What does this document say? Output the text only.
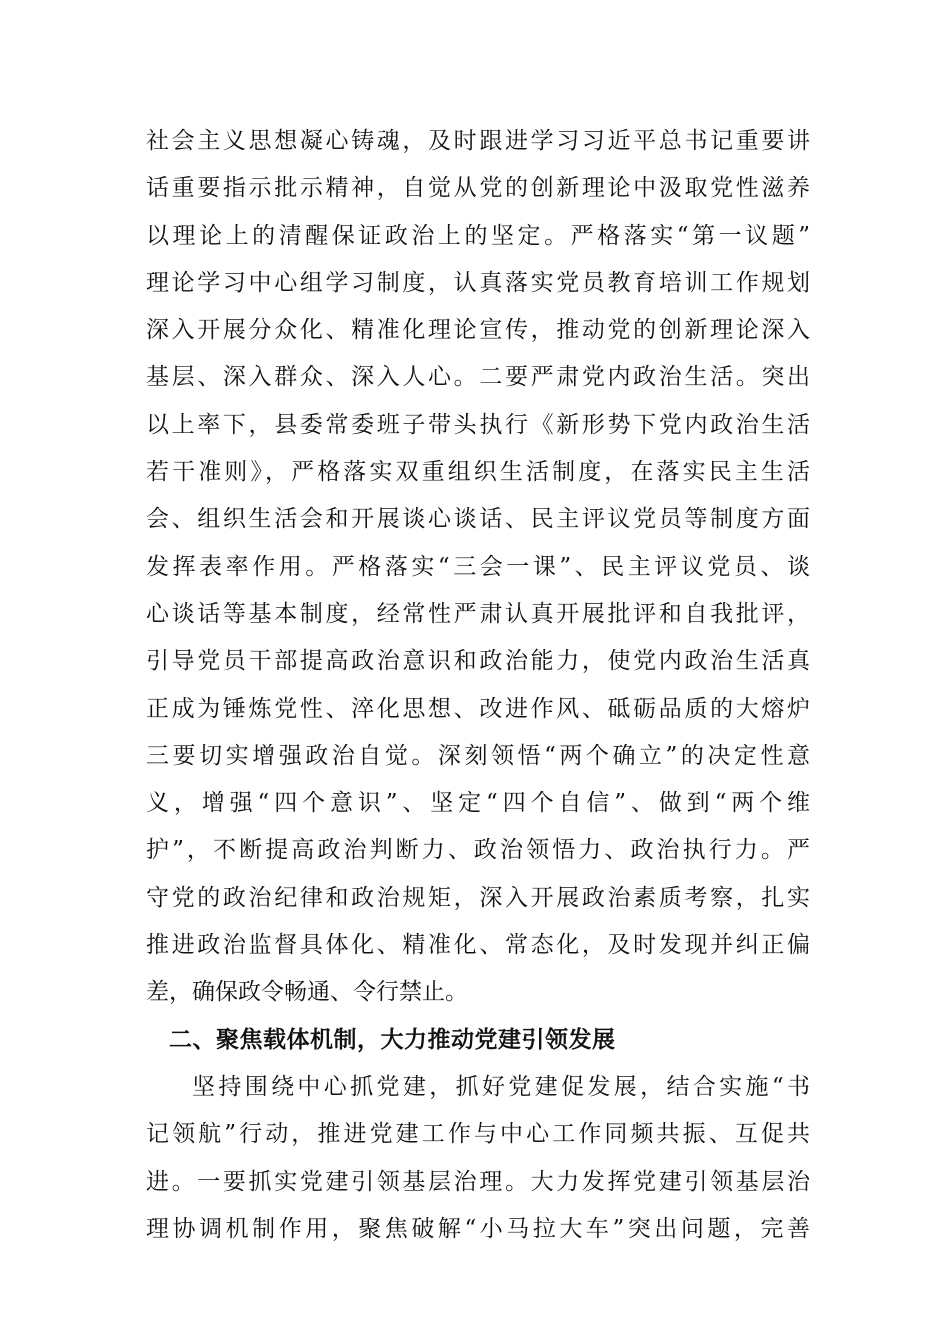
社会主义思想凝心铸魂，及时跟进学习习近平总书记重要讲
话重要指示批示精神，自觉从党的创新理论中汲取党性滋养
以理论上的清醒保证政治上的坚定。严格落实“第一议题”
理论学习中心组学习制度，认真落实党员教育培训工作规划
深入开展分众化、精准化理论宣传，推动党的创新理论深入
基层、深入群众、深入人心。二要严肃党内政治生活。突出
以上率下，县委常委班子带头执行《新形势下党内政治生活
若干准则》，严格落实双重组织生活制度，在落实民主生活
会、组织生活会和开展谈心谈话、民主评议党员等制度方面
发挥表率作用。严格落实“三会一课”、民主评议党员、谈
心谈话等基本制度，经常性严肃认真开展批评和自我批评，
引导党员干部提高政治意识和政治能力，使党内政治生活真
正成为锤炼党性、淬化思想、改进作风、砥砺品质的大熔炉
三要切实增强政治自觉。深刻领悟“两个确立”的决定性意
义，增强“四个意识”、坚定“四个自信”、做到“两个维
护”，不断提高政治判断力、政治领悟力、政治执行力。严
守党的政治纪律和政治规矩，深入开展政治素质考察，扎实
推进政治监督具体化、精准化、常态化，及时发现并纠正偏
差，确保政令畅通、令行禁止。
二、聚焦载体机制，大力推动党建引领发展
坚持围绕中心抓党建，抓好党建促发展，结合实施“书
记领航”行动，推进党建工作与中心工作同频共振、互促共
进。一要抓实党建引领基层治理。大力发挥党建引领基层治
理协调机制作用，聚焦破解“小马拉大车”突出问题，完善
